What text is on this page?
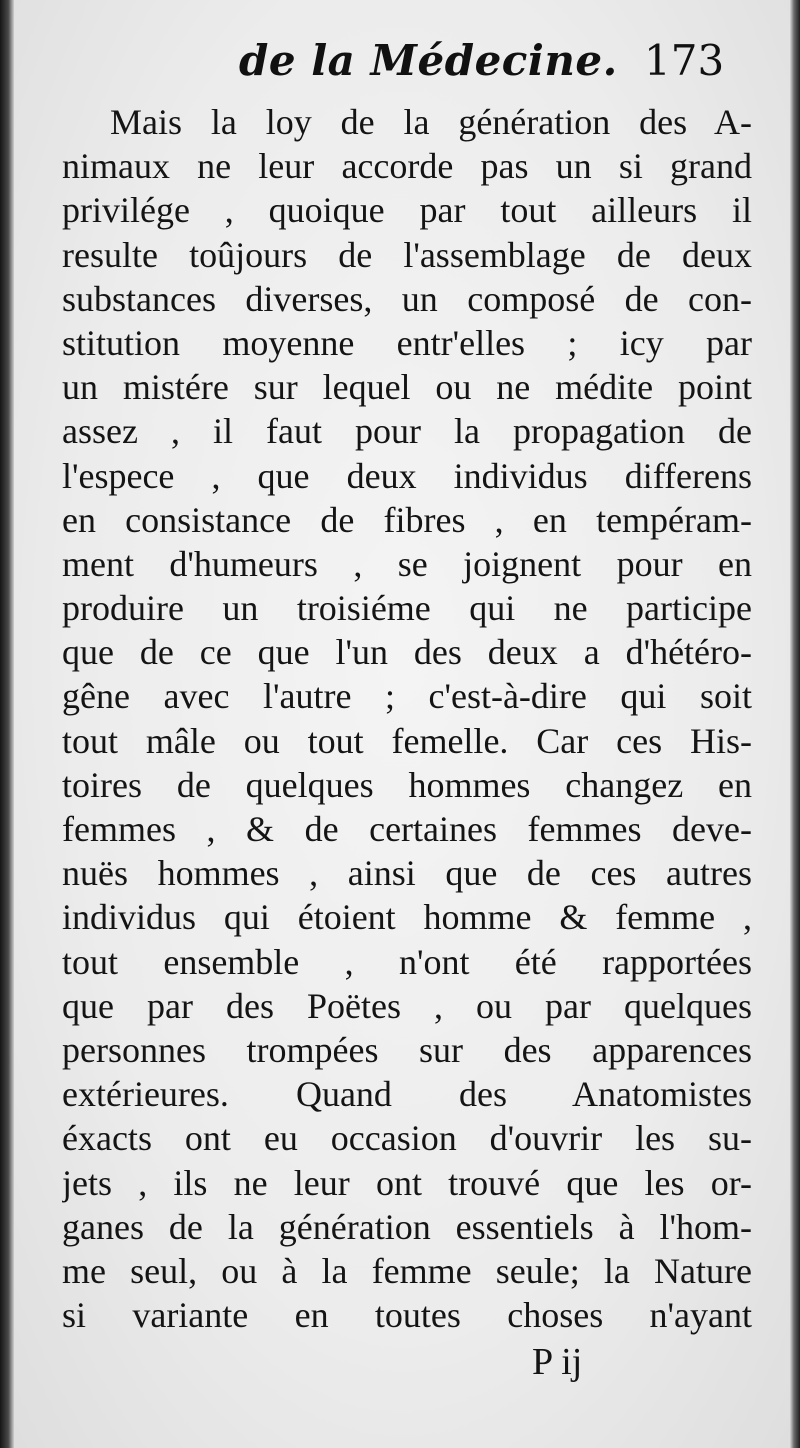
de la Médecine. 173
Mais la loy de la génération des A-
nimaux ne leur accorde pas un si grand
privilége , quoique par tout ailleurs il
resulte toûjours de l'assemblage de deux
substances diverses, un composé de con-
stitution moyenne entr'elles ; icy par
un mistére sur lequel ou ne médite point
assez , il faut pour la propagation de
l'espece , que deux individus differens
en consistance de fibres , en tempéram-
ment d'humeurs , se joignent pour en
produire un troisiéme qui ne participe
que de ce que l'un des deux a d'hétéro-
gêne avec l'autre ; c'est-à-dire qui soit
tout mâle ou tout femelle. Car ces His-
toires de quelques hommes changez en
femmes , & de certaines femmes deve-
nuës hommes , ainsi que de ces autres
individus qui étoient homme & femme ,
tout ensemble , n'ont été rapportées
que par des Poëtes , ou par quelques
personnes trompées sur des apparences
extérieures. Quand des Anatomistes
éxacts ont eu occasion d'ouvrir les su-
jets , ils ne leur ont trouvé que les or-
ganes de la génération essentiels à l'hom-
me seul, ou à la femme seule; la Nature
si variante en toutes choses n'ayant
P ij
